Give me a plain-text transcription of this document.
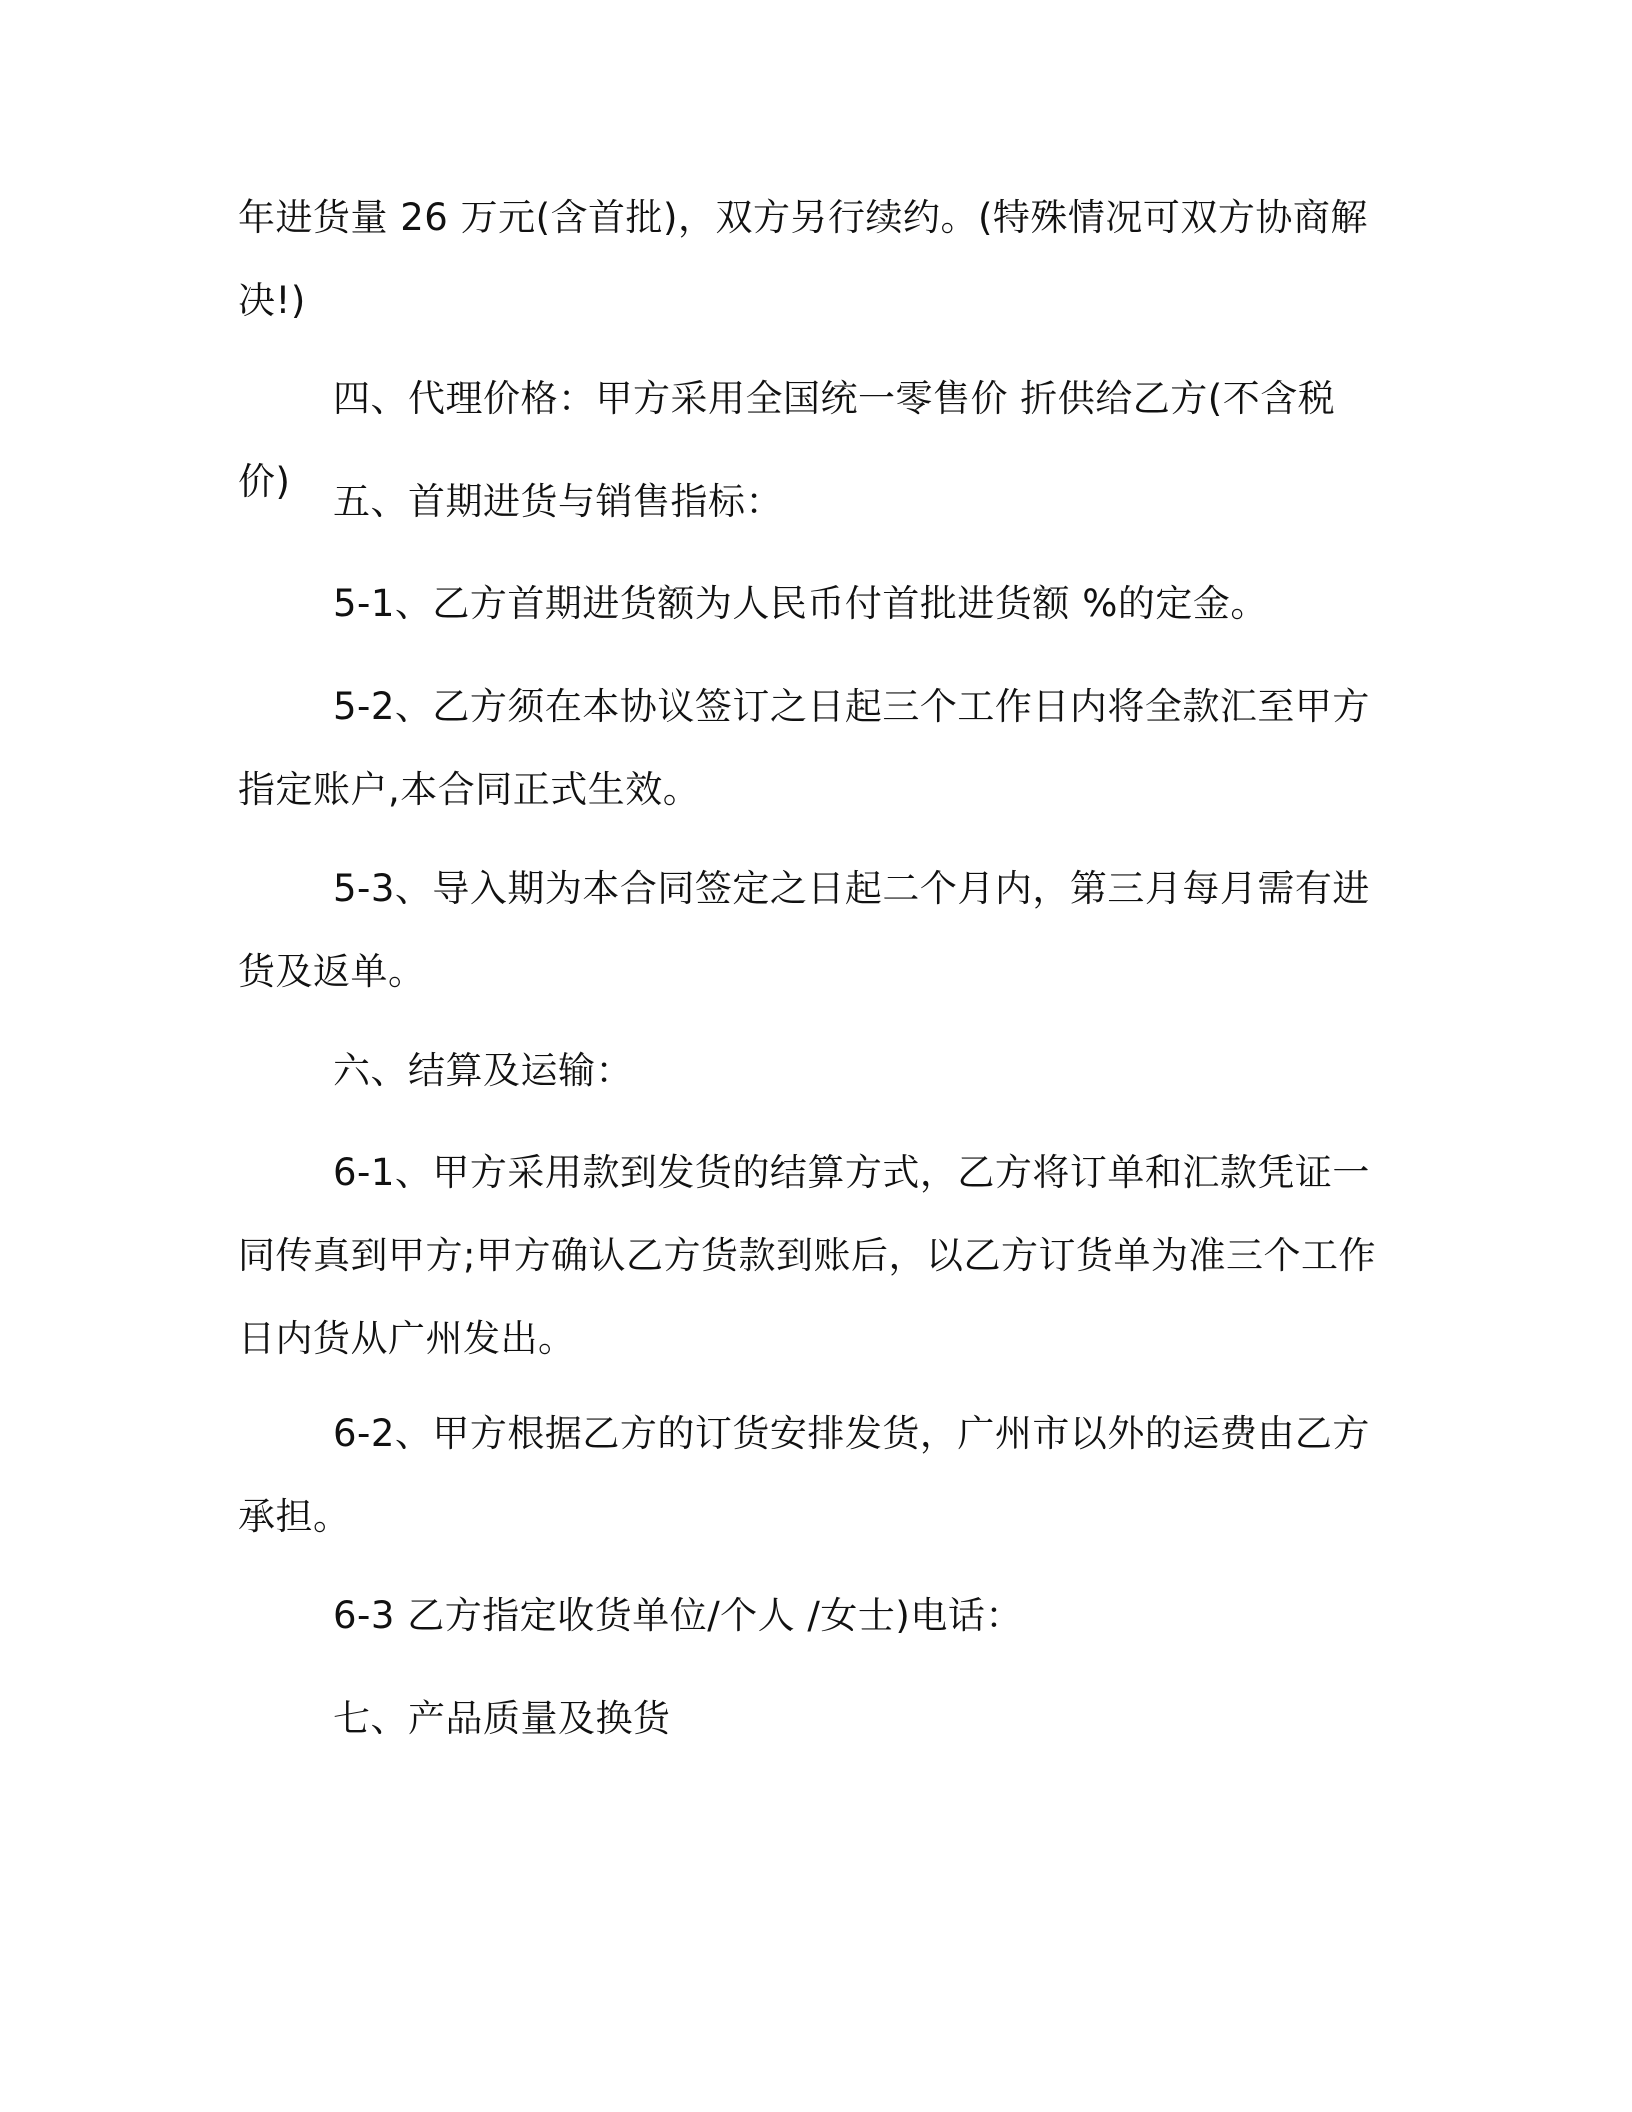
年进货量 26 万元(含首批)，双方另行续约。(特殊情况可双方协商解
决!)
四、代理价格：甲方采用全国统一零售价 折供给乙方(不含税价)	五、首期进货与销售指标：
5-1、乙方首期进货额为人民币付首批进货额 %的定金。
5-2、乙方须在本协议签订之日起三个工作日内将全款汇至甲方
指定账户,本合同正式生效。
5-3、导入期为本合同签定之日起二个月内，第三月每月需有进
货及返单。
六、结算及运输：
6-1、甲方采用款到发货的结算方式，乙方将订单和汇款凭证一
同传真到甲方;甲方确认乙方货款到账后，以乙方订货单为准三个工作
日内货从广州发出。
6-2、甲方根据乙方的订货安排发货，广州市以外的运费由乙方
承担。
6-3 乙方指定收货单位/个人 /女士)电话：
七、产品质量及换货
